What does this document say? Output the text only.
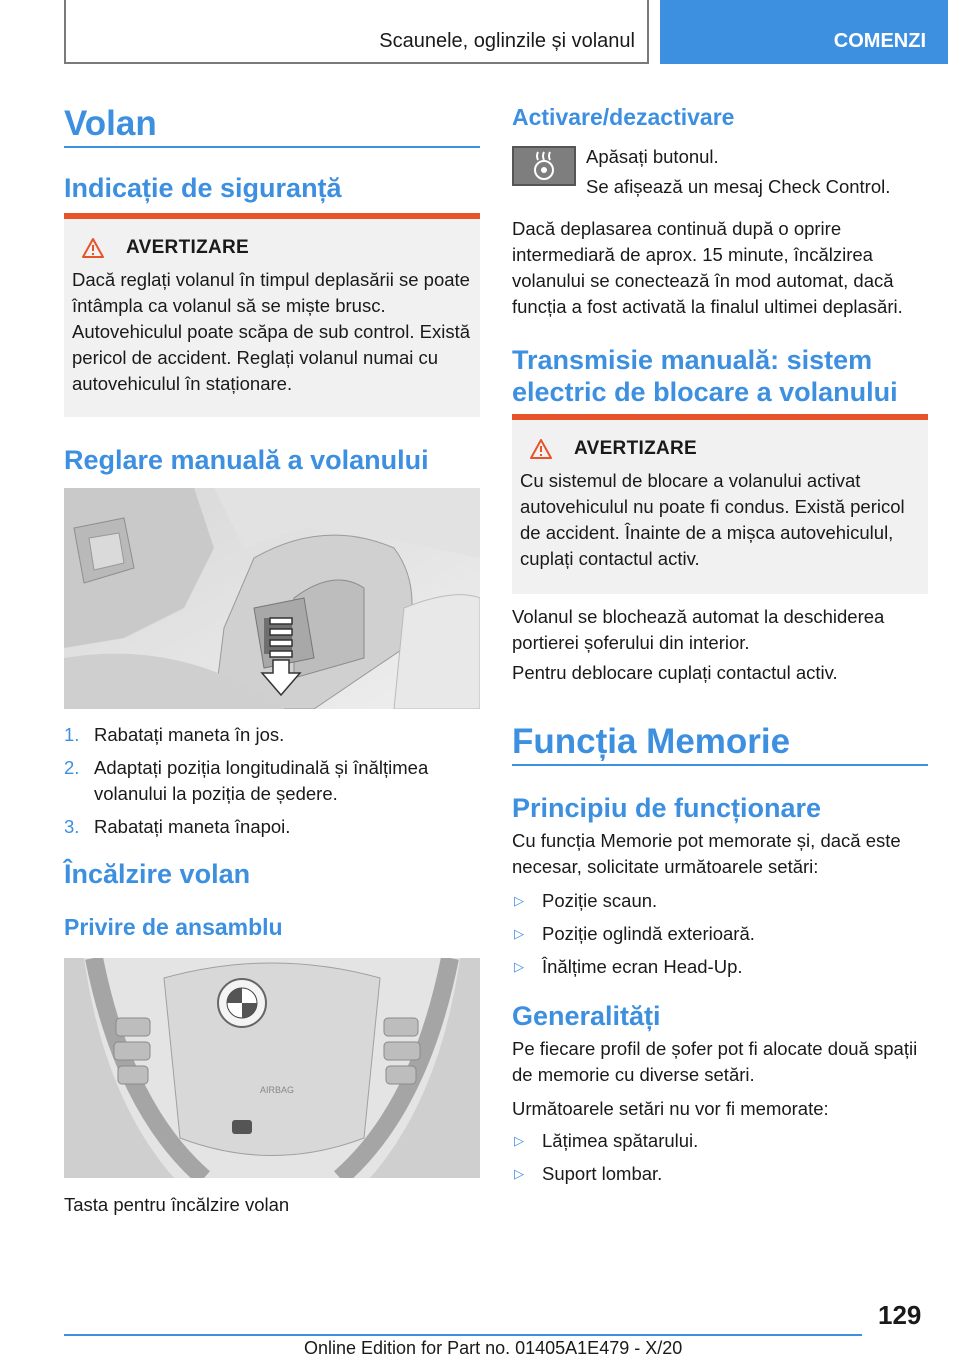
Scaunele, oglinzile și volanul	COMENZI
Volan
Indicație de siguranță
AVERTIZARE
Dacă reglați volanul în timpul deplasării se poate întâmpla ca volanul să se miște brusc. Autovehiculul poate scăpa de sub control. Există pericol de accident. Reglați volanul numai cu autovehiculul în staționare.
Reglare manuală a volanului
1. Rabatați maneta în jos.
2. Adaptați poziția longitudinală și înălțimea volanului la poziția de ședere.
3. Rabatați maneta înapoi.
Încălzire volan
Privire de ansamblu
AIRBAG
Tasta pentru încălzire volan
Activare/dezactivare
Apăsați butonul.
Se afișează un mesaj Check Control.
Dacă deplasarea continuă după o oprire intermediară de aprox. 15 minute, încălzirea volanului se conectează în mod automat, dacă funcția a fost activată la finalul ultimei deplasări.
Transmisie manuală: sistem electric de blocare a volanului
AVERTIZARE
Cu sistemul de blocare a volanului activat autovehiculul nu poate fi condus. Există pericol de accident. Înainte de a mișca autovehiculul, cuplați contactul activ.
Volanul se blochează automat la deschiderea portierei șoferului din interior.
Pentru deblocare cuplați contactul activ.
Funcția Memorie
Principiu de funcționare
Cu funcția Memorie pot memorate și, dacă este necesar, solicitate următoarele setări:
▷ Poziție scaun.
▷ Poziție oglindă exterioară.
▷ Înălțime ecran Head-Up.
Generalități
Pe fiecare profil de șofer pot fi alocate două spații de memorie cu diverse setări.
Următoarele setări nu vor fi memorate:
▷ Lățimea spătarului.
▷ Suport lombar.
129
Online Edition for Part no. 01405A1E479 - X/20
